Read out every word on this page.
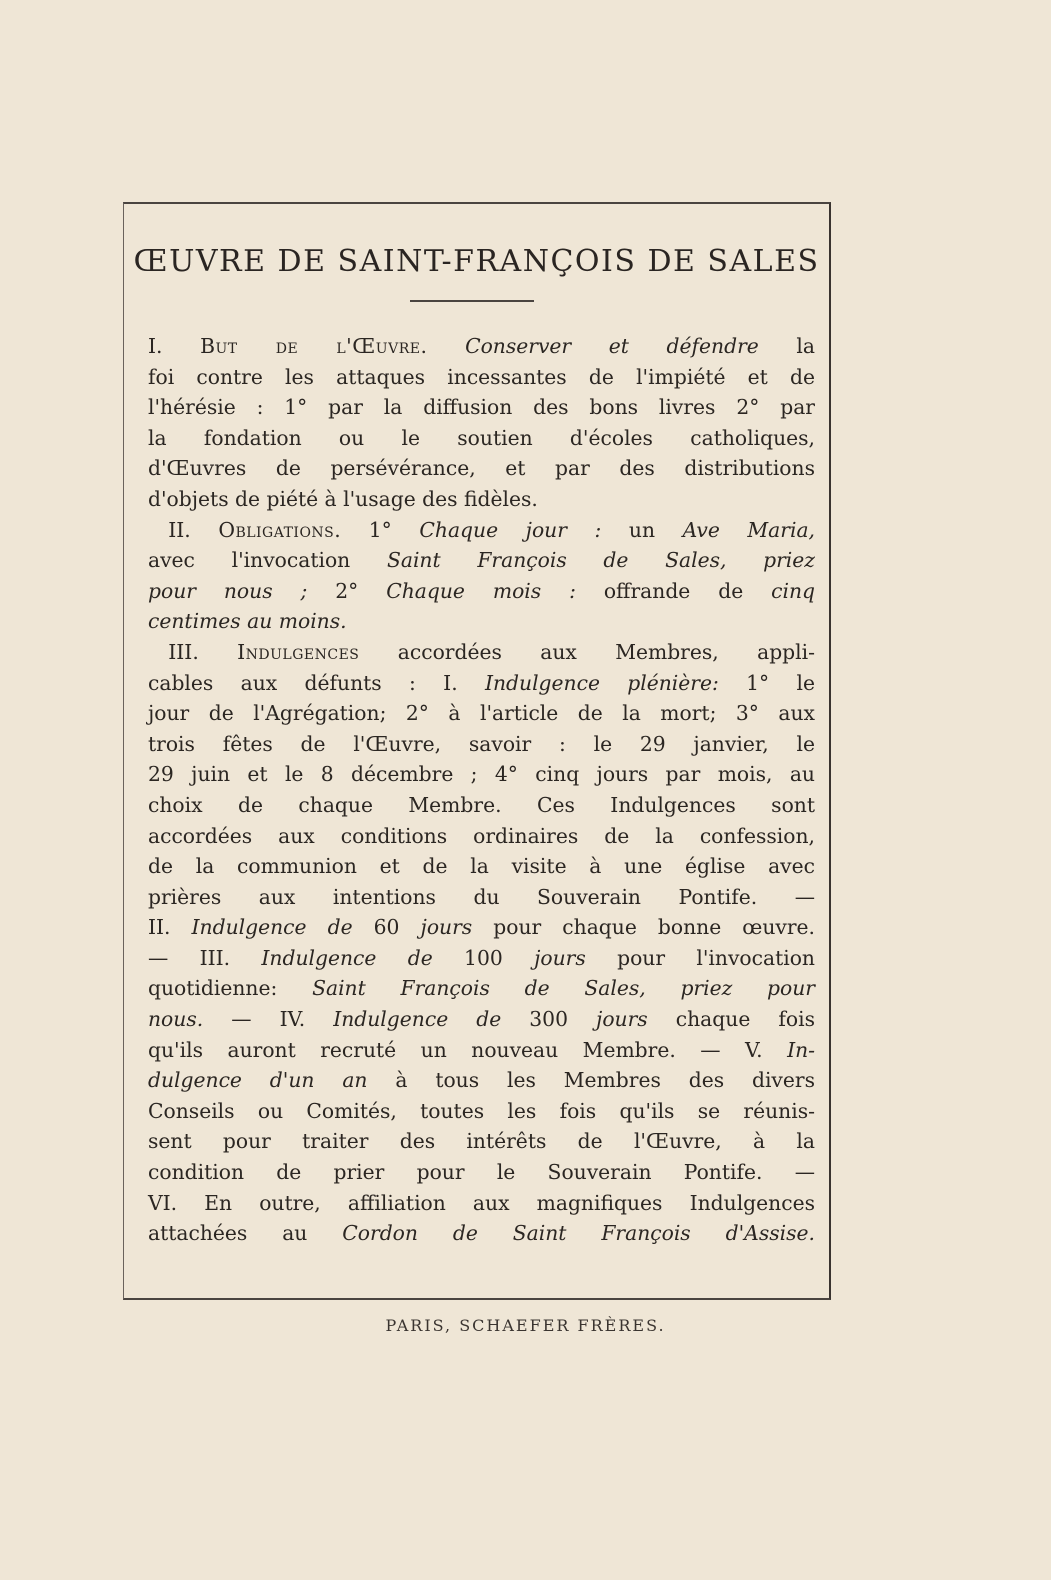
ŒUVRE DE SAINT-FRANÇOIS DE SALES
I. But de l'Œuvre. Conserver et défendre la
foi contre les attaques incessantes de l'impiété et de
l'hérésie : 1° par la diffusion des bons livres 2° par
la fondation ou le soutien d'écoles catholiques,
d'Œuvres de persévérance, et par des distributions
d'objets de piété à l'usage des fidèles.
 II. Obligations. 1° Chaque jour : un Ave Maria,
avec l'invocation Saint François de Sales, priez
pour nous ; 2° Chaque mois : offrande de cinq
centimes au moins.
 III. Indulgences accordées aux Membres, appli-
cables aux défunts : I. Indulgence plénière: 1° le
jour de l'Agrégation; 2° à l'article de la mort; 3° aux
trois fêtes de l'Œuvre, savoir : le 29 janvier, le
29 juin et le 8 décembre ; 4° cinq jours par mois, au
choix de chaque Membre. Ces Indulgences sont
accordées aux conditions ordinaires de la confession,
de la communion et de la visite à une église avec
prières aux intentions du Souverain Pontife. —
II. Indulgence de 60 jours pour chaque bonne œuvre.
— III. Indulgence de 100 jours pour l'invocation
quotidienne: Saint François de Sales, priez pour
nous. — IV. Indulgence de 300 jours chaque fois
qu'ils auront recruté un nouveau Membre. — V. In-
dulgence d'un an à tous les Membres des divers
Conseils ou Comités, toutes les fois qu'ils se réunis-
sent pour traiter des intérêts de l'Œuvre, à la
condition de prier pour le Souverain Pontife. —
VI. En outre, affiliation aux magnifiques Indulgences
attachées au Cordon de Saint François d'Assise.
PARIS, SCHAEFER FRÈRES.
